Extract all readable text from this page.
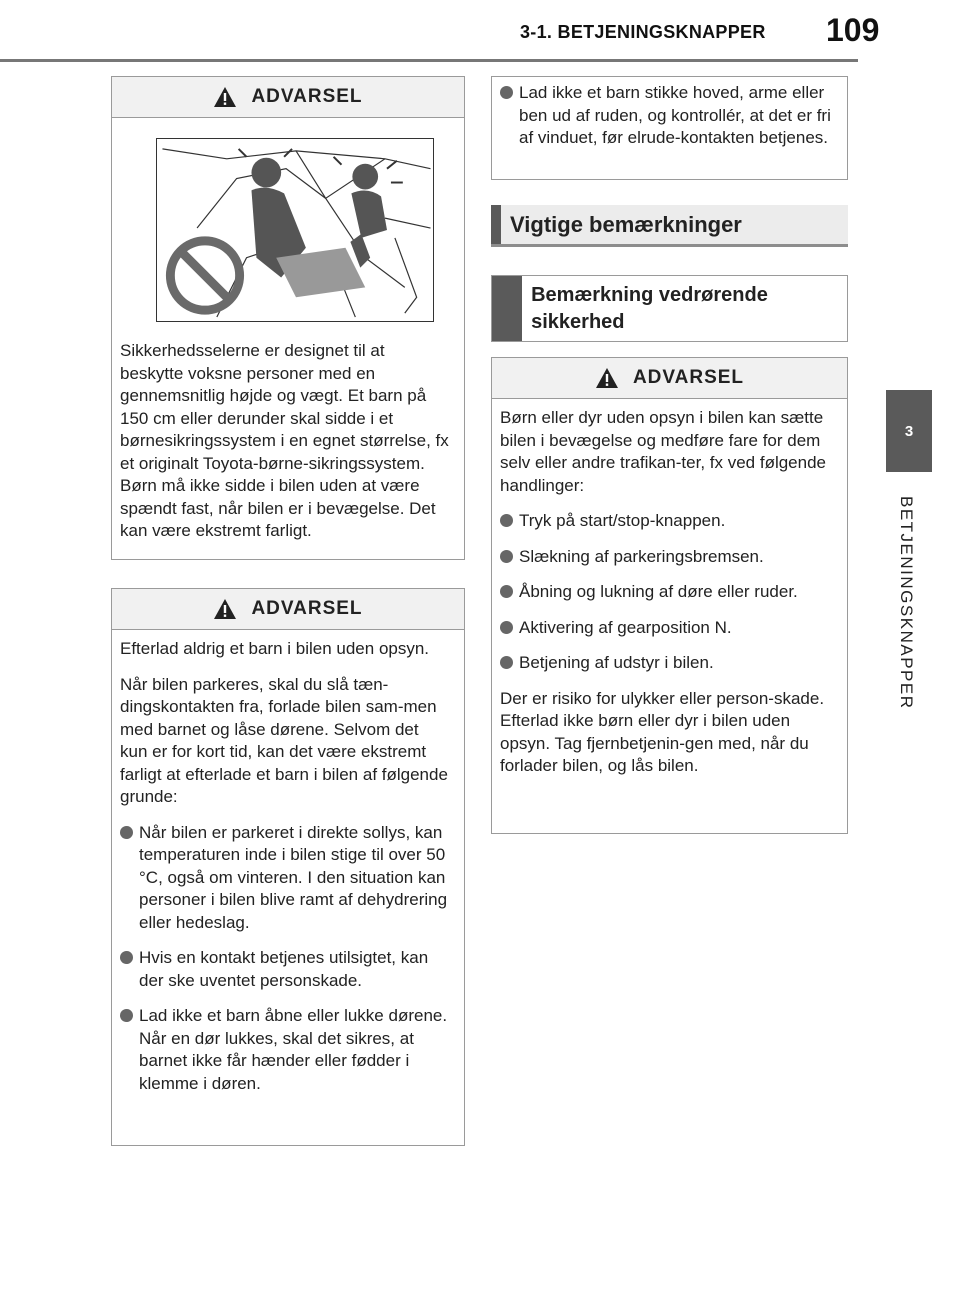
3-1. BETJENINGSKNAPPER 109
3
BETJENINGSKNAPPER
ADVARSEL

Sikkerhedsselerne er designet til at beskytte voksne personer med en gennemsnitlig højde og vægt. Et barn på 150 cm eller derunder skal sidde i et børnesikringssystem i en egnet størrelse, fx et originalt Toyota-børne-sikringssystem. Børn må ikke sidde i bilen uden at være spændt fast, når bilen er i bevægelse. Det kan være ekstremt farligt.

ADVARSEL

Efterlad aldrig et barn i bilen uden opsyn.

Når bilen parkeres, skal du slå tæn-dingskontakten fra, forlade bilen sam-men med barnet og låse dørene. Selvom det kun er for kort tid, kan det være ekstremt farligt at efterlade et barn i bilen af følgende grunde:

Når bilen er parkeret i direkte sollys, kan temperaturen inde i bilen stige til over 50 °C, også om vinteren. I den situation kan personer i bilen blive ramt af dehydrering eller hedeslag.
Hvis en kontakt betjenes utilsigtet, kan der ske uventet personskade.
Lad ikke et barn åbne eller lukke dørene. Når en dør lukkes, skal det sikres, at barnet ikke får hænder eller fødder i klemme i døren.
Lad ikke et barn stikke hoved, arme eller ben ud af ruden, og kontrollér, at det er fri af vinduet, før elrude-kontakten betjenes.
Vigtige bemærkninger
Bemærkning vedrørende sikkerhed
ADVARSEL

Børn eller dyr uden opsyn i bilen kan sætte bilen i bevægelse og medføre fare for dem selv eller andre trafikan-ter, fx ved følgende handlinger:

Tryk på start/stop-knappen.
Slækning af parkeringsbremsen.
Åbning og lukning af døre eller ruder.
Aktivering af gearposition N.
Betjening af udstyr i bilen.

Der er risiko for ulykker eller person-skade. Efterlad ikke børn eller dyr i bilen uden opsyn. Tag fjernbetjenin-gen med, når du forlader bilen, og lås bilen.
